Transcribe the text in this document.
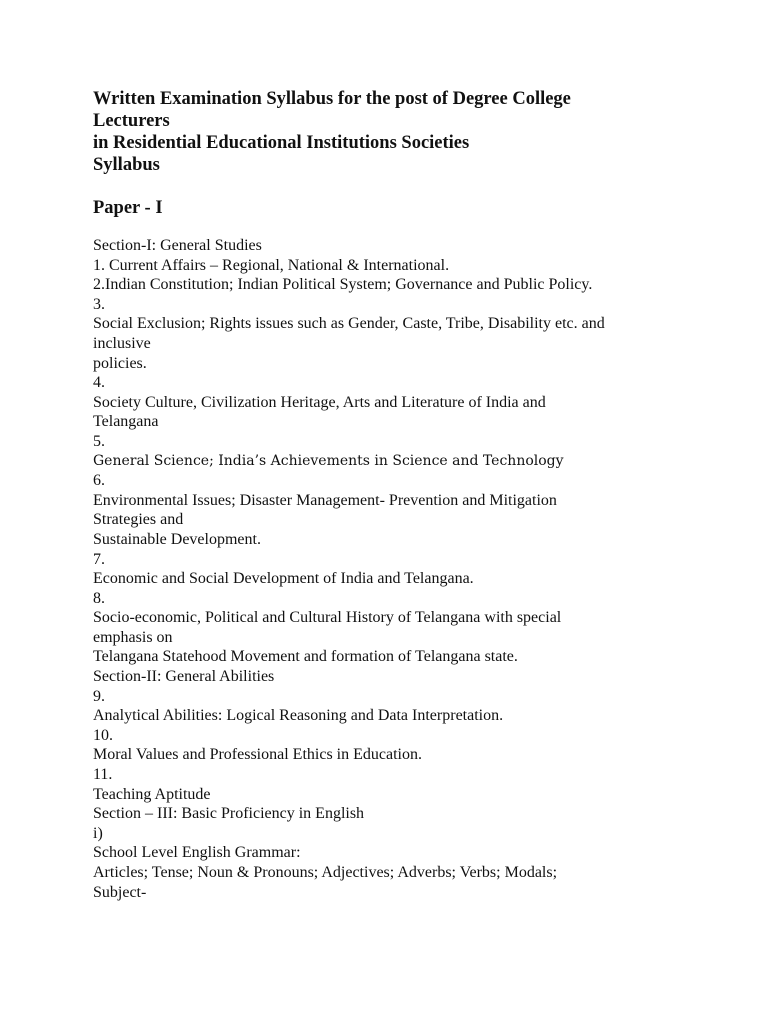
Written Examination Syllabus for the post of Degree College
Lecturers
in Residential Educational Institutions Societies
Syllabus
Paper - I
Section-I: General Studies
1. Current Affairs – Regional, National & International.
2.Indian Constitution; Indian Political System; Governance and Public Policy.
3.
Social Exclusion; Rights issues such as Gender, Caste, Tribe, Disability etc. and
inclusive
policies.
4.
Society Culture, Civilization Heritage, Arts and Literature of India and
Telangana
5.
General Science; India’s Achievements in Science and Technology
6.
Environmental Issues; Disaster Management- Prevention and Mitigation
Strategies and
Sustainable Development.
7.
Economic and Social Development of India and Telangana.
8.
Socio-economic, Political and Cultural History of Telangana with special
emphasis on
Telangana Statehood Movement and formation of Telangana state.
Section-II: General Abilities
9.
Analytical Abilities: Logical Reasoning and Data Interpretation.
10.
Moral Values and Professional Ethics in Education.
11.
Teaching Aptitude
Section – III: Basic Proficiency in English
i)
School Level English Grammar:
Articles; Tense; Noun & Pronouns; Adjectives; Adverbs; Verbs; Modals;
Subject-
